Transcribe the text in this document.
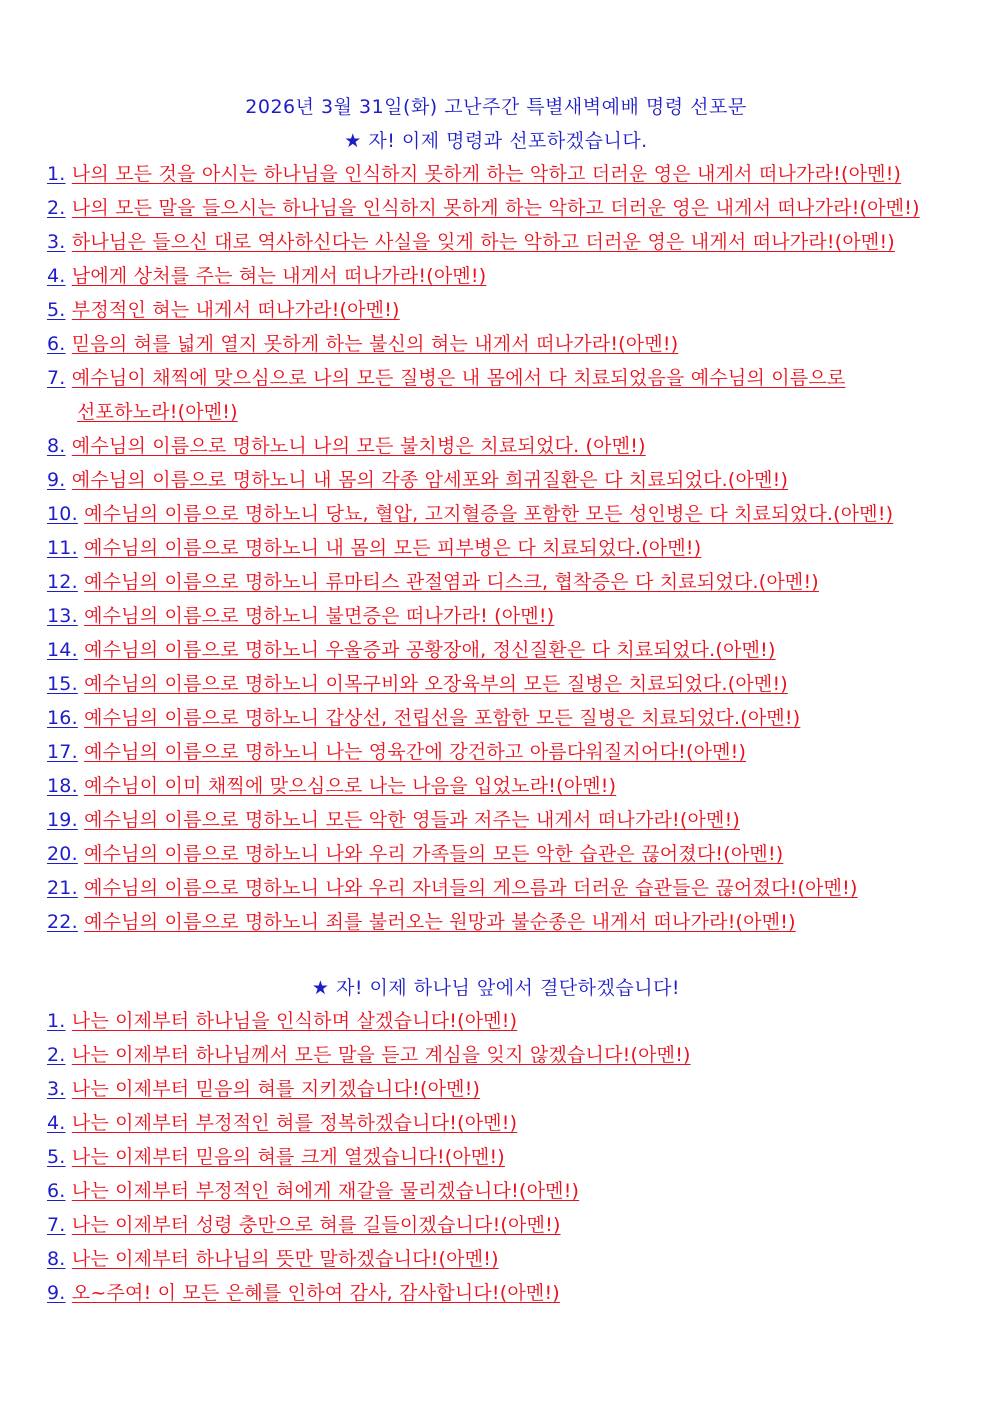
2026년 3월 31일(화) 고난주간 특별새벽예배 명령 선포문
★ 자! 이제 명령과 선포하겠습니다.
1. 나의 모든 것을 아시는 하나님을 인식하지 못하게 하는 악하고 더러운 영은 내게서 떠나가라!(아멘!)
2. 나의 모든 말을 들으시는 하나님을 인식하지 못하게 하는 악하고 더러운 영은 내게서 떠나가라!(아멘!)
3. 하나님은 들으신 대로 역사하신다는 사실을 잊게 하는 악하고 더러운 영은 내게서 떠나가라!(아멘!)
4. 남에게 상처를 주는 혀는 내게서 떠나가라!(아멘!)
5. 부정적인 혀는 내게서 떠나가라!(아멘!)
6. 믿음의 혀를 넓게 열지 못하게 하는 불신의 혀는 내게서 떠나가라!(아멘!)
7. 예수님이 채찍에 맞으심으로 나의 모든 질병은 내 몸에서 다 치료되었음을 예수님의 이름으로
선포하노라!(아멘!)
8. 예수님의 이름으로 명하노니 나의 모든 불치병은 치료되었다. (아멘!)
9. 예수님의 이름으로 명하노니 내 몸의 각종 암세포와 희귀질환은 다 치료되었다.(아멘!)
10. 예수님의 이름으로 명하노니 당뇨, 혈압, 고지혈증을 포함한 모든 성인병은 다 치료되었다.(아멘!)
11. 예수님의 이름으로 명하노니 내 몸의 모든 피부병은 다 치료되었다.(아멘!)
12. 예수님의 이름으로 명하노니 류마티스 관절염과 디스크, 협착증은 다 치료되었다.(아멘!)
13. 예수님의 이름으로 명하노니 불면증은 떠나가라! (아멘!)
14. 예수님의 이름으로 명하노니 우울증과 공황장애, 정신질환은 다 치료되었다.(아멘!)
15. 예수님의 이름으로 명하노니 이목구비와 오장육부의 모든 질병은 치료되었다.(아멘!)
16. 예수님의 이름으로 명하노니 갑상선, 전립선을 포함한 모든 질병은 치료되었다.(아멘!)
17. 예수님의 이름으로 명하노니 나는 영육간에 강건하고 아름다워질지어다!(아멘!)
18. 예수님이 이미 채찍에 맞으심으로 나는 나음을 입었노라!(아멘!)
19. 예수님의 이름으로 명하노니 모든 악한 영들과 저주는 내게서 떠나가라!(아멘!)
20. 예수님의 이름으로 명하노니 나와 우리 가족들의 모든 악한 습관은 끊어졌다!(아멘!)
21. 예수님의 이름으로 명하노니 나와 우리 자녀들의 게으름과 더러운 습관들은 끊어졌다!(아멘!)
22. 예수님의 이름으로 명하노니 죄를 불러오는 원망과 불순종은 내게서 떠나가라!(아멘!)
★ 자! 이제 하나님 앞에서 결단하겠습니다!
1. 나는 이제부터 하나님을 인식하며 살겠습니다!(아멘!)
2. 나는 이제부터 하나님께서 모든 말을 듣고 계심을 잊지 않겠습니다!(아멘!)
3. 나는 이제부터 믿음의 혀를 지키겠습니다!(아멘!)
4. 나는 이제부터 부정적인 혀를 정복하겠습니다!(아멘!)
5. 나는 이제부터 믿음의 혀를 크게 열겠습니다!(아멘!)
6. 나는 이제부터 부정적인 혀에게 재갈을 물리겠습니다!(아멘!)
7. 나는 이제부터 성령 충만으로 혀를 길들이겠습니다!(아멘!)
8. 나는 이제부터 하나님의 뜻만 말하겠습니다!(아멘!)
9. 오~주여! 이 모든 은혜를 인하여 감사, 감사합니다!(아멘!)
